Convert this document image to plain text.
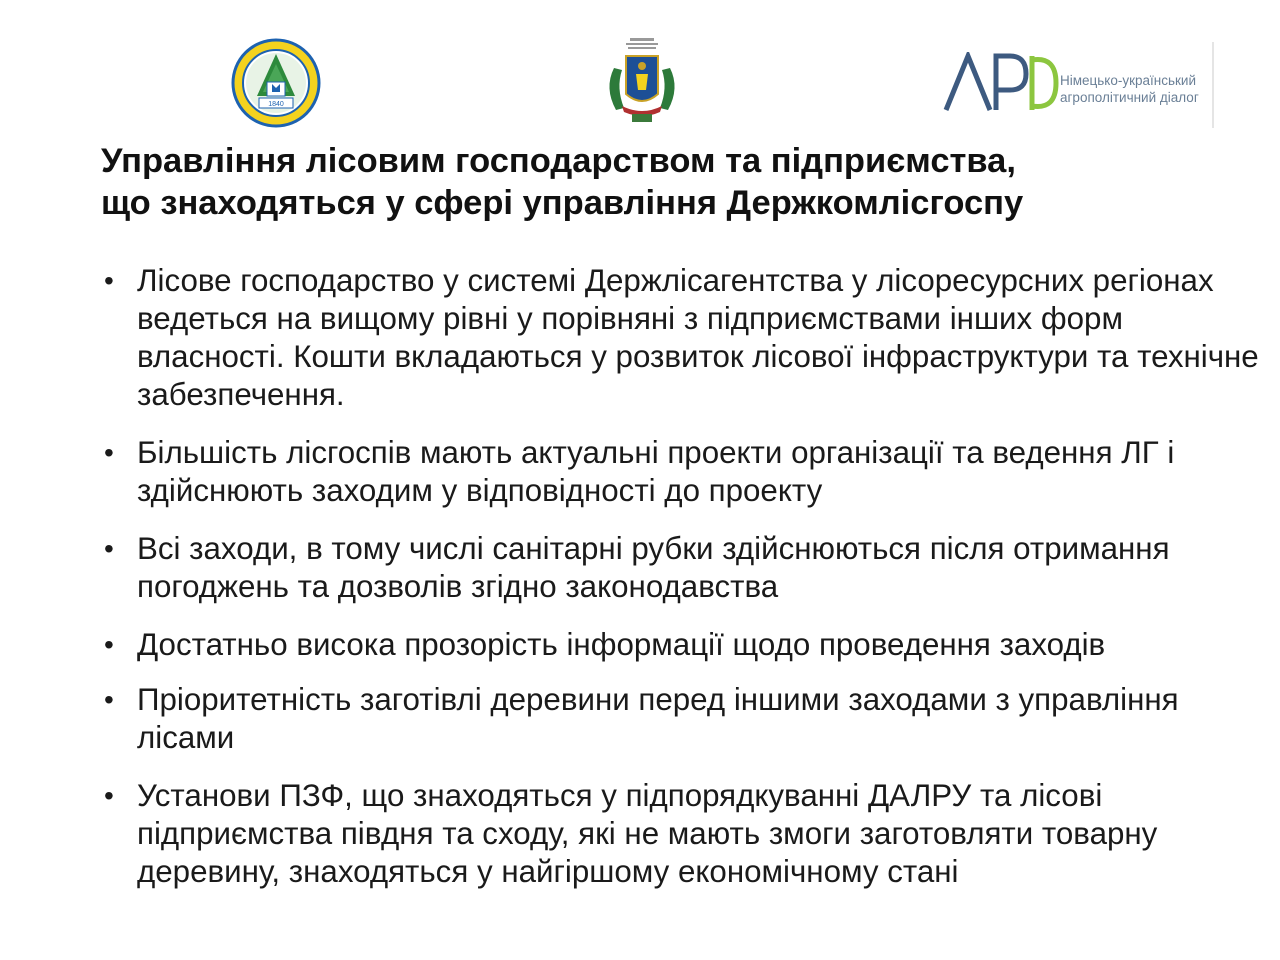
1840
Німецько-український
агрополітичний діалог
Управління лісовим господарством та підприємства,
що знаходяться у сфері управління Держкомлісгоспу
• Лісове господарство у системі Держлісагентства у лісоресурсних регіонах ведеться на вищому рівні у порівняні з підприємствами інших форм власності. Кошти вкладаються у розвиток лісової інфраструктури та технічне забезпечення.
• Більшість лісгоспів мають актуальні проекти організації та ведення ЛГ і здійснюють заходим у відповідності до проекту
• Всі заходи, в тому числі санітарні рубки здійснюються після отримання погоджень та дозволів згідно законодавства
• Достатньо висока прозорість інформації щодо проведення заходів
• Пріоритетність заготівлі деревини перед іншими заходами з управління лісами
• Установи ПЗФ, що знаходяться у підпорядкуванні ДАЛРУ та лісові підприємства півдня та сходу, які не мають змоги заготовляти товарну деревину, знаходяться у найгіршому економічному стані
